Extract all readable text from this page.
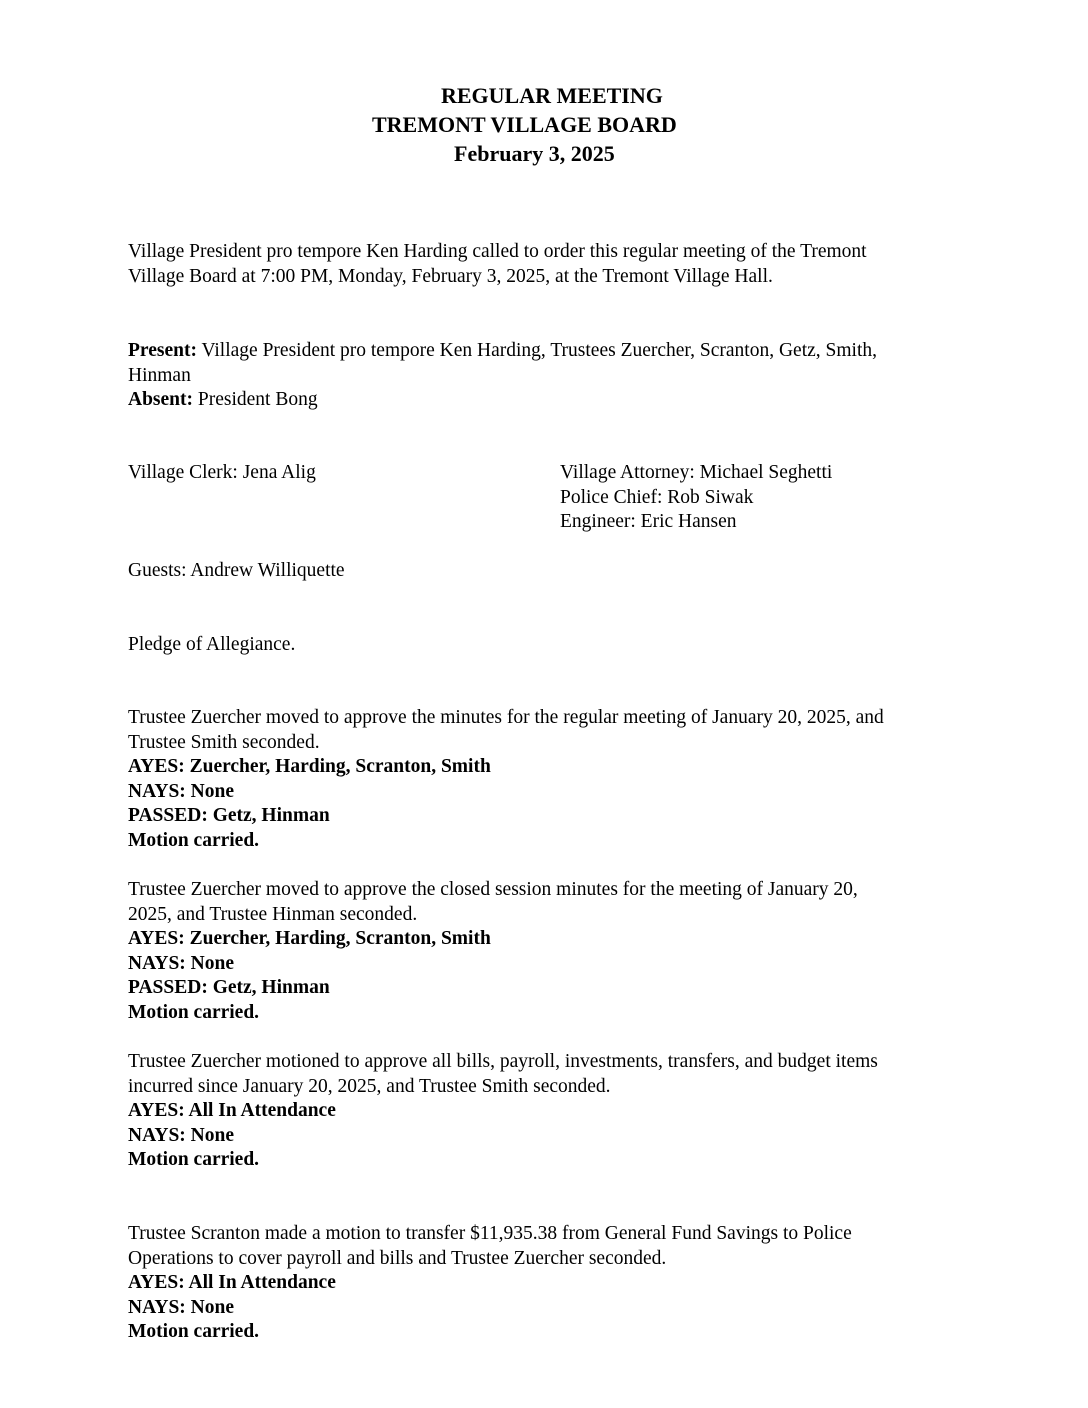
REGULAR MEETING
TREMONT VILLAGE BOARD
February 3, 2025
Village President pro tempore Ken Harding called to order this regular meeting of the Tremont
Village Board at 7:00 PM, Monday, February 3, 2025, at the Tremont Village Hall.
Present: Village President pro tempore Ken Harding, Trustees Zuercher, Scranton, Getz, Smith,
Hinman
Absent: President Bong
Village Clerk: Jena Alig	Village Attorney: Michael Seghetti
Police Chief: Rob Siwak
Engineer: Eric Hansen
Guests: Andrew Williquette
Pledge of Allegiance.
Trustee Zuercher moved to approve the minutes for the regular meeting of January 20, 2025, and
Trustee Smith seconded.
AYES: Zuercher, Harding, Scranton, Smith
NAYS: None
PASSED: Getz, Hinman
Motion carried.
Trustee Zuercher moved to approve the closed session minutes for the meeting of January 20,
2025, and Trustee Hinman seconded.
AYES: Zuercher, Harding, Scranton, Smith
NAYS: None
PASSED: Getz, Hinman
Motion carried.
Trustee Zuercher motioned to approve all bills, payroll, investments, transfers, and budget items
incurred since January 20, 2025, and Trustee Smith seconded.
AYES: All In Attendance
NAYS: None
Motion carried.
Trustee Scranton made a motion to transfer $11,935.38 from General Fund Savings to Police
Operations to cover payroll and bills and Trustee Zuercher seconded.
AYES: All In Attendance
NAYS: None
Motion carried.
